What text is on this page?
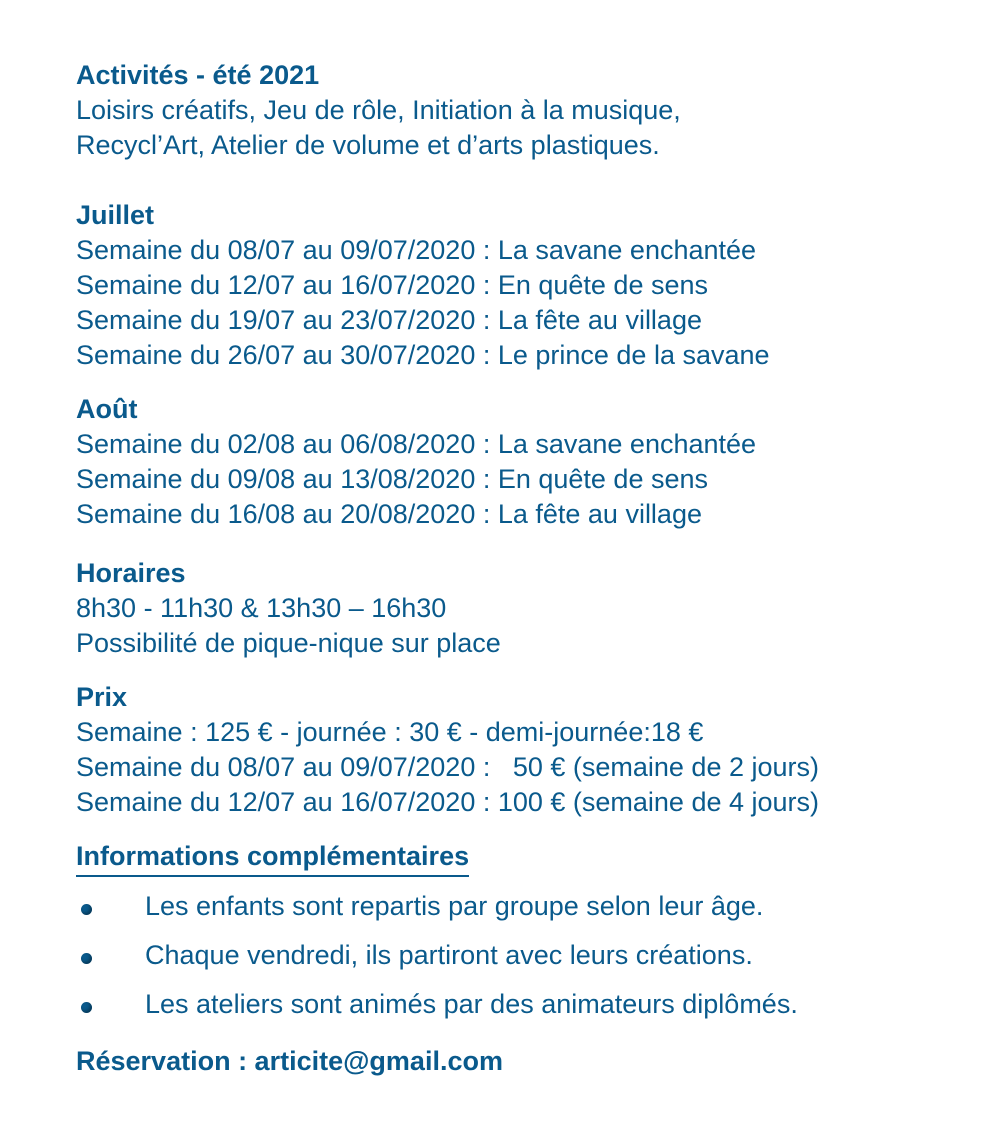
Activités - été 2021
Loisirs créatifs, Jeu de rôle, Initiation à la musique,
Recycl’Art, Atelier de volume et d’arts plastiques.
Juillet
Semaine du 08/07 au 09/07/2020 : La savane enchantée
Semaine du 12/07 au 16/07/2020 : En quête de sens
Semaine du 19/07 au 23/07/2020 : La fête au village
Semaine du 26/07 au 30/07/2020 : Le prince de la savane
Août
Semaine du 02/08 au 06/08/2020 : La savane enchantée
Semaine du 09/08 au 13/08/2020 : En quête de sens
Semaine du 16/08 au 20/08/2020 : La fête au village
Horaires
8h30 - 11h30 & 13h30 – 16h30
Possibilité de pique-nique sur place
Prix
Semaine : 125 € - journée : 30 € - demi-journée:18 €
Semaine du 08/07 au 09/07/2020 :   50 € (semaine de 2 jours)
Semaine du 12/07 au 16/07/2020 : 100 € (semaine de 4 jours)
Informations complémentaires

Les enfants sont repartis par groupe selon leur âge.

Chaque vendredi, ils partiront avec leurs créations.

Les ateliers sont animés par des animateurs diplômés.

Réservation : articite@gmail.com
